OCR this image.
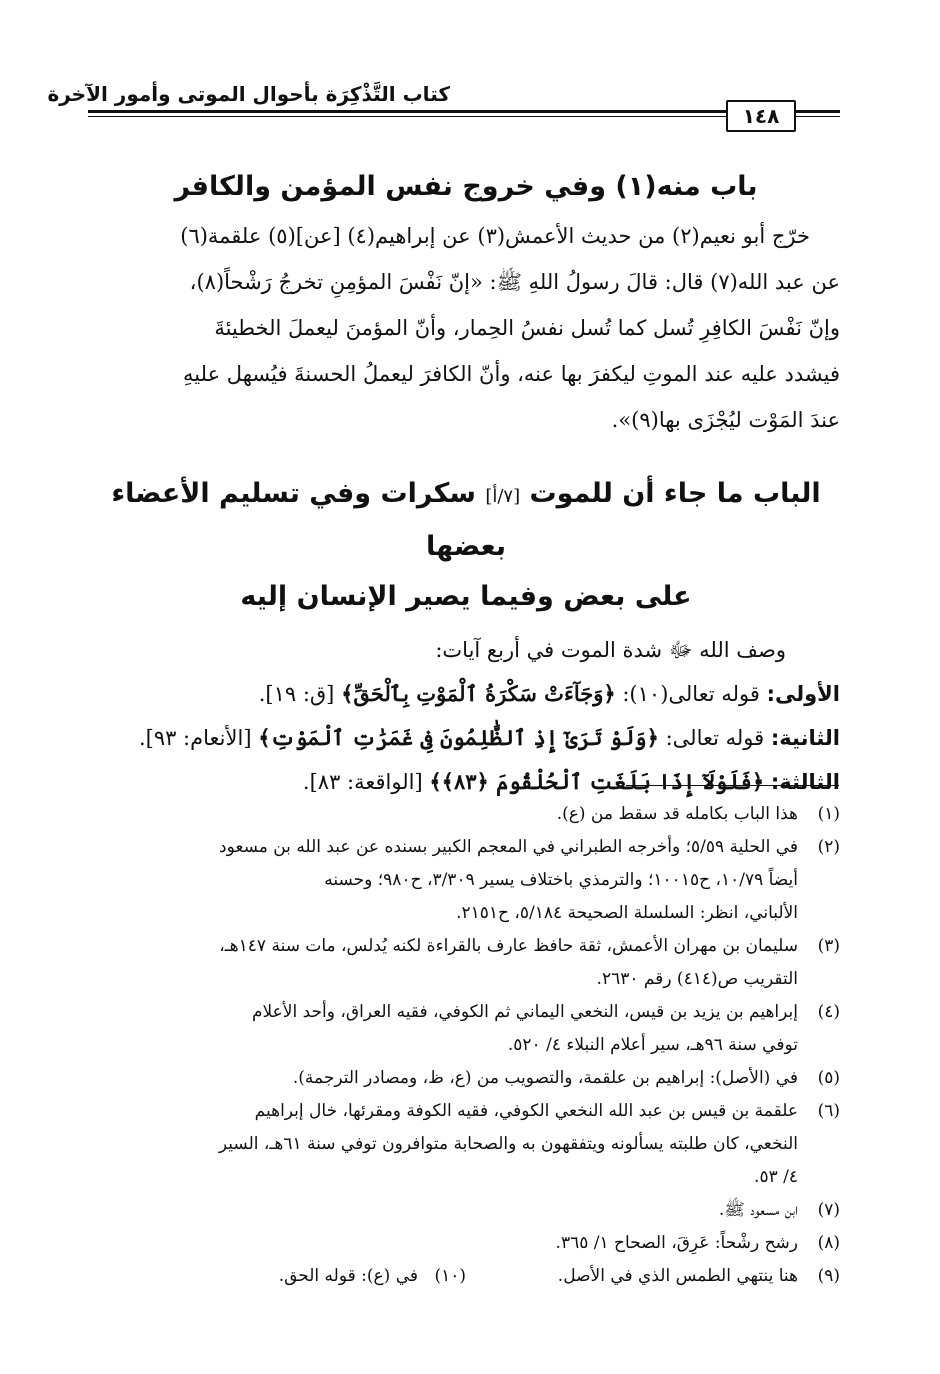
كتاب التَّذْكِرَة بأحوال الموتى وأمور الآخرة
١٤٨
باب منه(١) وفي خروج نفس المؤمن والكافر

خرّج أبو نعيم(٢) من حديث الأعمش(٣) عن إبراهيم(٤) [عن](٥) علقمة(٦)

عن عبد الله(٧) قال: قالَ رسولُ اللهِ ﷺ: «إنّ نَفْسَ المؤمِنِ تخرجُ رَشْحاً(٨)،

وإنّ نَفْسَ الكافِرِ تُسل كما تُسل نفسُ الحِمار، وأنّ المؤمنَ ليعملَ الخطيئةَ

فيشدد عليه عند الموتِ ليكفرَ بها عنه، وأنّ الكافرَ ليعملُ الحسنةَ فيُسهل عليهِ

عندَ المَوْت ليُجْزَى بها(٩)».

الباب ما جاء أن للموت [٧/أ] سكرات وفي تسليم الأعضاء بعضها
على بعض وفيما يصير الإنسان إليه

وصف الله ﷻ شدة الموت في أربع آيات:

الأولى: قوله تعالى(١٠): ﴿وَجَآءَتْ سَكْرَةُ ٱلْمَوْتِ بِٱلْحَقِّ﴾ [ق: ١٩].

الثانية: قوله تعالى: ﴿وَلَوْ تَرَىٰٓ إِذِ ٱلظَّٰلِمُونَ فِى غَمَرَٰتِ ٱلْمَوْتِ﴾ [الأنعام: ٩٣].

الثالثة: ﴿فَلَوْلَآ إِذَا بَلَغَتِ ٱلْحُلْقُومَ ﴿٨٣﴾﴾ [الواقعة: ٨٣].

(١)
هذا الباب بكامله قد سقط من (ع).
(٢)
في الحلية ٥/٥٩؛ وأخرجه الطبراني في المعجم الكبير بسنده عن عبد الله بن مسعود
أيضاً ١٠/٧٩، ح١٠٠١٥؛ والترمذي باختلاف يسير ٣/٣٠٩، ح٩٨٠؛ وحسنه
الألباني، انظر: السلسلة الصحيحة ٥/١٨٤، ح٢١٥١.
(٣)
سليمان بن مهران الأعمش، ثقة حافظ عارف بالقراءة لكنه يُدلس، مات سنة ١٤٧هـ،
التقريب ص(٤١٤) رقم ٢٦٣٠.
(٤)
إبراهيم بن يزيد بن قيس، النخعي اليماني ثم الكوفي، فقيه العراق، وأحد الأعلام
توفي سنة ٩٦هـ، سير أعلام النبلاء ٤/ ٥٢٠.
(٥)
في (الأصل): إبراهيم بن علقمة، والتصويب من (ع، ظ، ومصادر الترجمة).
(٦)
علقمة بن قيس بن عبد الله النخعي الكوفي، فقيه الكوفة ومقرئها، خال إبراهيم
النخعي، كان طلبته يسألونه ويتفقهون به والصحابة متوافرون توفي سنة ٦١هـ، السير
٤/ ٥٣.
(٧)
ابن مسعود ﷺ.
(٨)
رشح رشْحاً: عَرِقَ، الصحاح ١/ ٣٦٥.
(٩)
هنا ينتهي الطمس الذي في الأصل.
(١٠)
في (ع): قوله الحق.
